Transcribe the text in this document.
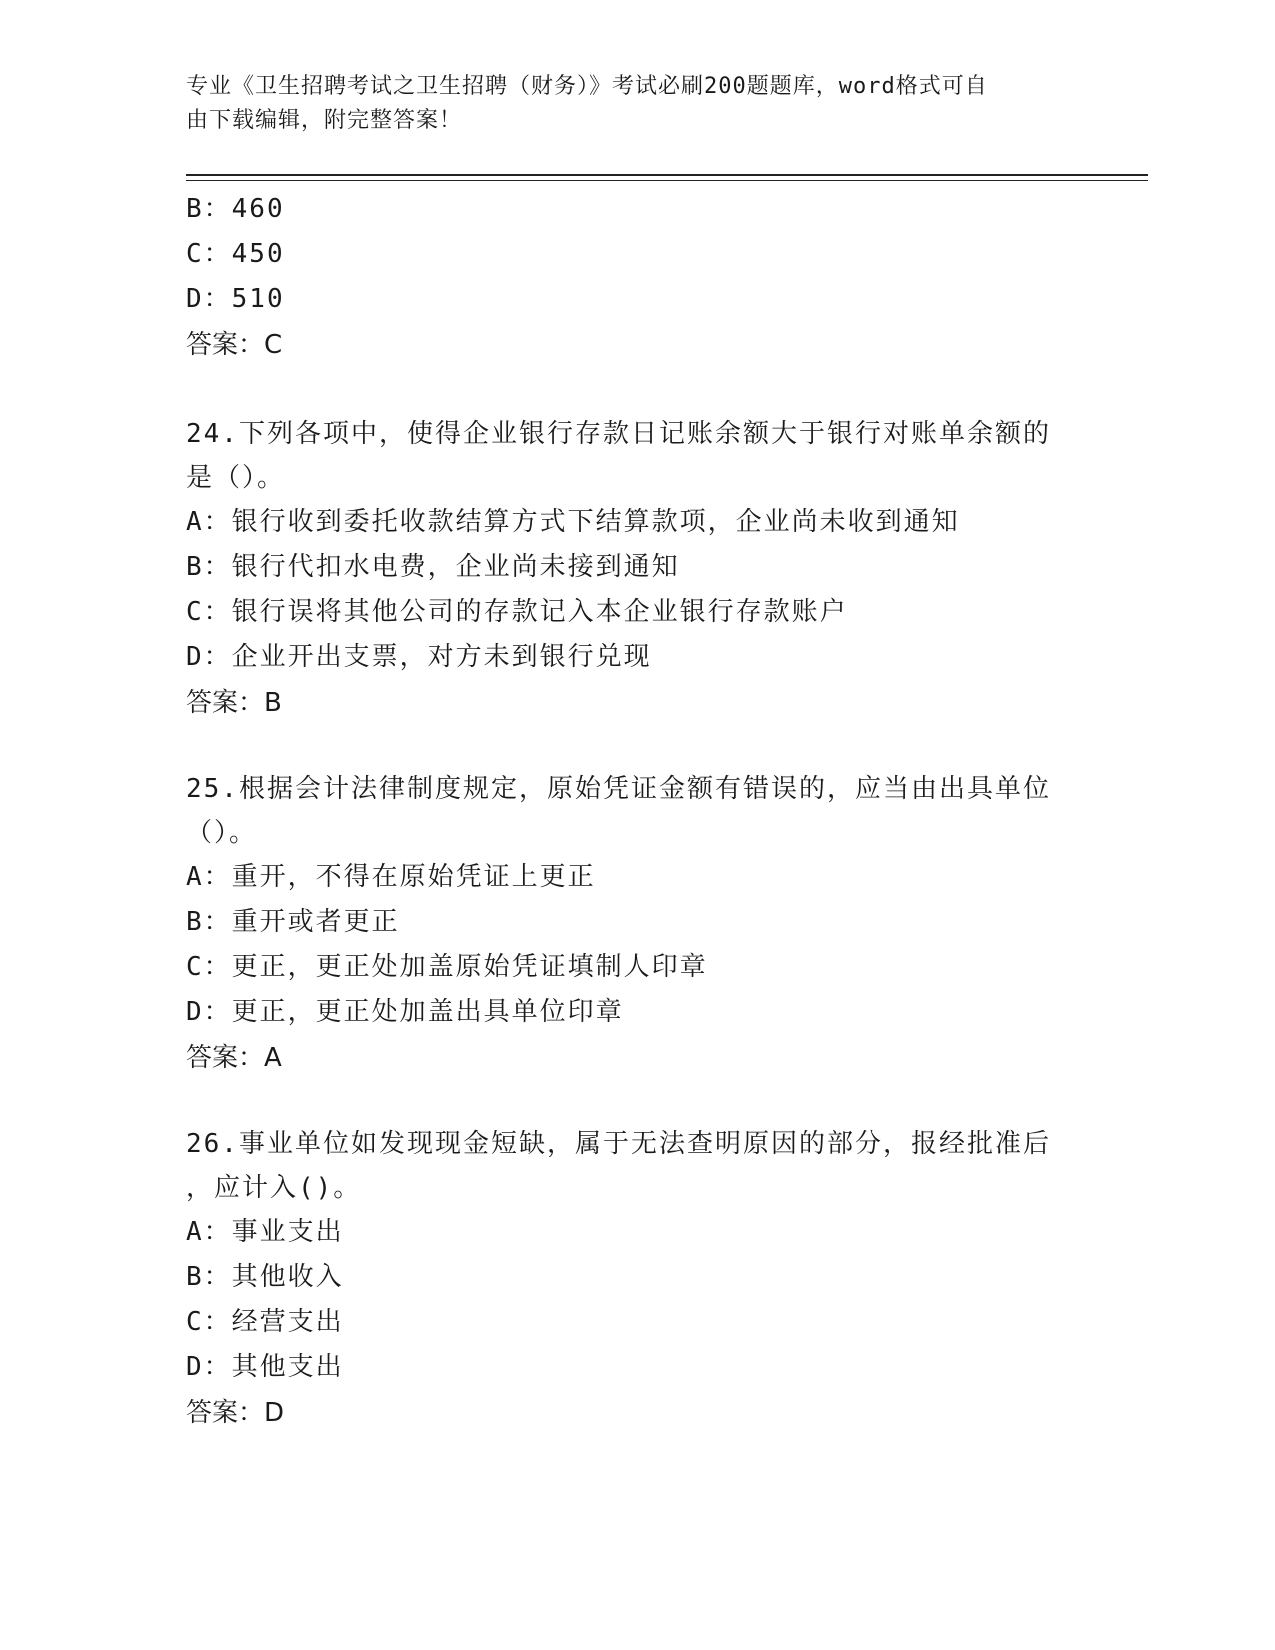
专业《卫生招聘考试之卫生招聘（财务）》考试必刷200题题库，word格式可自
由下载编辑，附完整答案！
B：460
C：450
D：510
答案：C
24.下列各项中，使得企业银行存款日记账余额大于银行对账单余额的
是（）。
A：银行收到委托收款结算方式下结算款项，企业尚未收到通知
B：银行代扣水电费，企业尚未接到通知
C：银行误将其他公司的存款记入本企业银行存款账户
D：企业开出支票，对方未到银行兑现
答案：B
25.根据会计法律制度规定，原始凭证金额有错误的，应当由出具单位
（）。
A：重开，不得在原始凭证上更正
B：重开或者更正
C：更正，更正处加盖原始凭证填制人印章
D：更正，更正处加盖出具单位印章
答案：A
26.事业单位如发现现金短缺，属于无法查明原因的部分，报经批准后
，应计入()。
A：事业支出
B：其他收入
C：经营支出
D：其他支出
答案：D
